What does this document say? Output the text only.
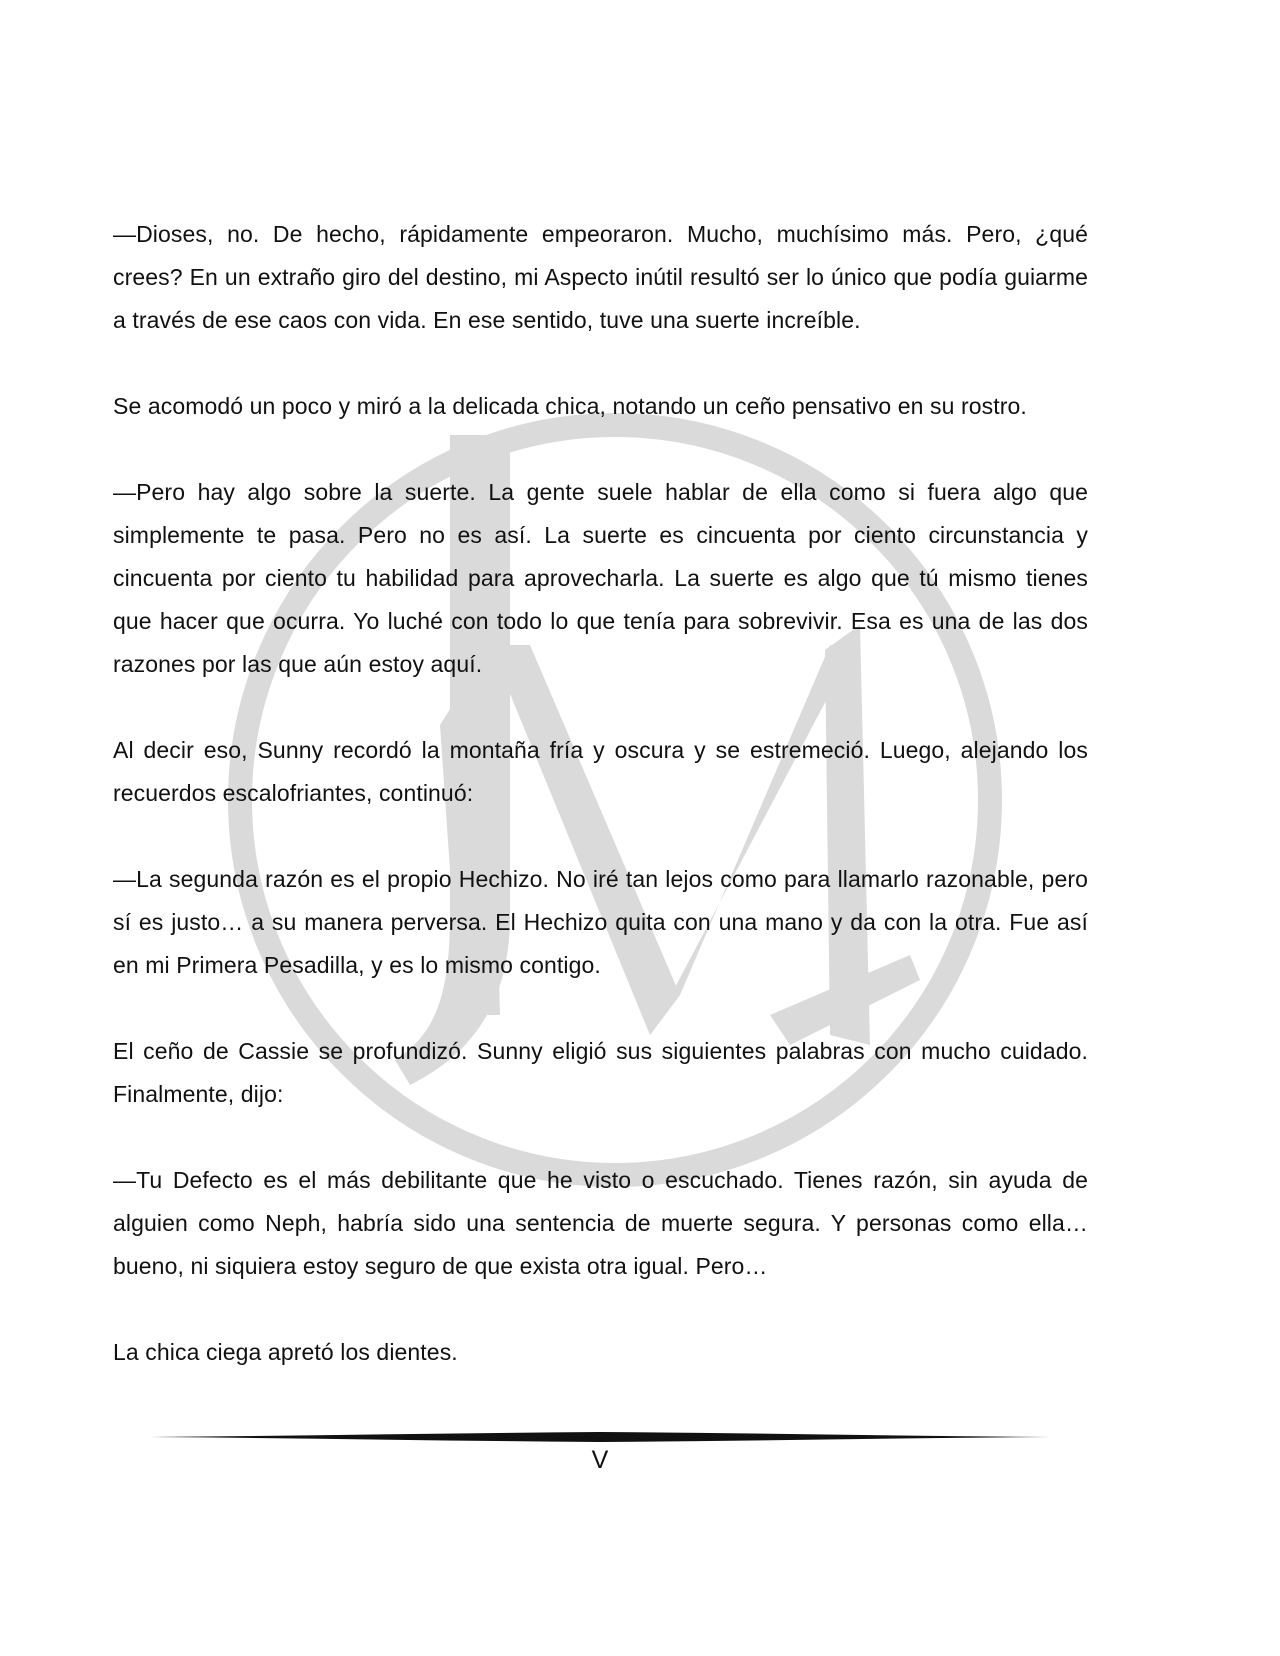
—Dioses, no. De hecho, rápidamente empeoraron. Mucho, muchísimo más. Pero, ¿qué crees? En un extraño giro del destino, mi Aspecto inútil resultó ser lo único que podía guiarme a través de ese caos con vida. En ese sentido, tuve una suerte increíble.

Se acomodó un poco y miró a la delicada chica, notando un ceño pensativo en su rostro.

—Pero hay algo sobre la suerte. La gente suele hablar de ella como si fuera algo que simplemente te pasa. Pero no es así. La suerte es cincuenta por ciento circunstancia y cincuenta por ciento tu habilidad para aprovecharla. La suerte es algo que tú mismo tienes que hacer que ocurra. Yo luché con todo lo que tenía para sobrevivir. Esa es una de las dos razones por las que aún estoy aquí.

Al decir eso, Sunny recordó la montaña fría y oscura y se estremeció. Luego, alejando los recuerdos escalofriantes, continuó:

—La segunda razón es el propio Hechizo. No iré tan lejos como para llamarlo razonable, pero sí es justo… a su manera perversa. El Hechizo quita con una mano y da con la otra. Fue así en mi Primera Pesadilla, y es lo mismo contigo.

El ceño de Cassie se profundizó. Sunny eligió sus siguientes palabras con mucho cuidado. Finalmente, dijo:

—Tu Defecto es el más debilitante que he visto o escuchado. Tienes razón, sin ayuda de alguien como Neph, habría sido una sentencia de muerte segura. Y personas como ella… bueno, ni siquiera estoy seguro de que exista otra igual. Pero…

La chica ciega apretó los dientes.

V
